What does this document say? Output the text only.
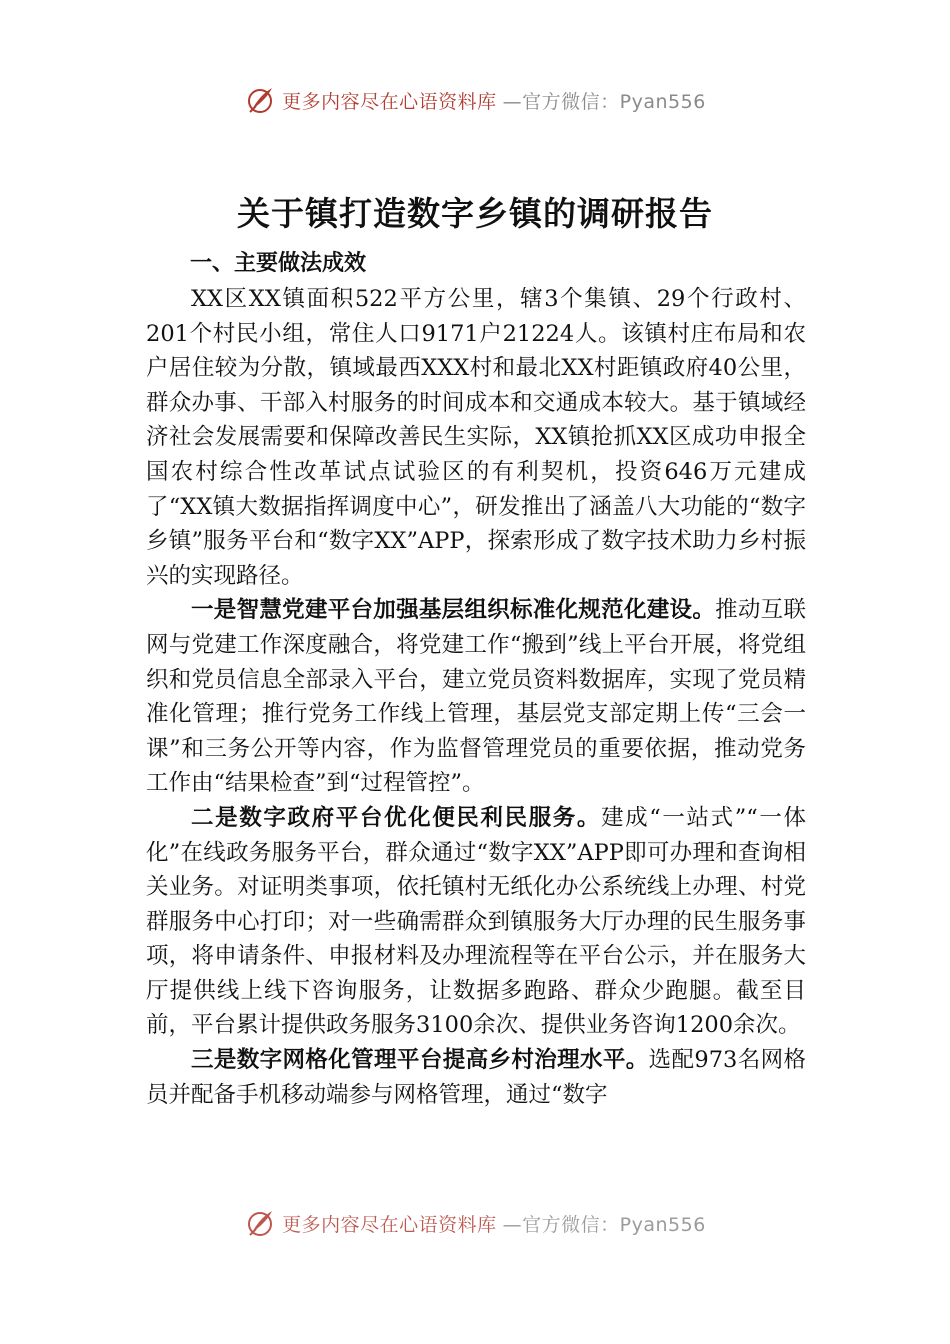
更多内容尽在心语资料库 —官方微信：Pyan556
关于镇打造数字乡镇的调研报告
一、主要做法成效

XX区XX镇面积522平方公里，辖3个集镇、29个行政村、201个村民小组，常住人口9171户21224人。该镇村庄布局和农户居住较为分散，镇域最西XXX村和最北XX村距镇政府40公里，群众办事、干部入村服务的时间成本和交通成本较大。基于镇域经济社会发展需要和保障改善民生实际，XX镇抢抓XX区成功申报全国农村综合性改革试点试验区的有利契机，投资646万元建成了“XX镇大数据指挥调度中心”，研发推出了涵盖八大功能的“数字乡镇”服务平台和“数字XX”APP，探索形成了数字技术助力乡村振兴的实现路径。

一是智慧党建平台加强基层组织标准化规范化建设。推动互联网与党建工作深度融合，将党建工作“搬到”线上平台开展，将党组织和党员信息全部录入平台，建立党员资料数据库，实现了党员精准化管理；推行党务工作线上管理，基层党支部定期上传“三会一课”和三务公开等内容，作为监督管理党员的重要依据，推动党务工作由“结果检查”到“过程管控”。

二是数字政府平台优化便民利民服务。建成“一站式”“一体化”在线政务服务平台，群众通过“数字XX”APP即可办理和查询相关业务。对证明类事项，依托镇村无纸化办公系统线上办理、村党群服务中心打印；对一些确需群众到镇服务大厅办理的民生服务事项，将申请条件、申报材料及办理流程等在平台公示，并在服务大厅提供线上线下咨询服务，让数据多跑路、群众少跑腿。截至目前，平台累计提供政务服务3100余次、提供业务咨询1200余次。

三是数字网格化管理平台提高乡村治理水平。选配973名网格员并配备手机移动端参与网格管理，通过“数字

更多内容尽在心语资料库 —官方微信：Pyan556
